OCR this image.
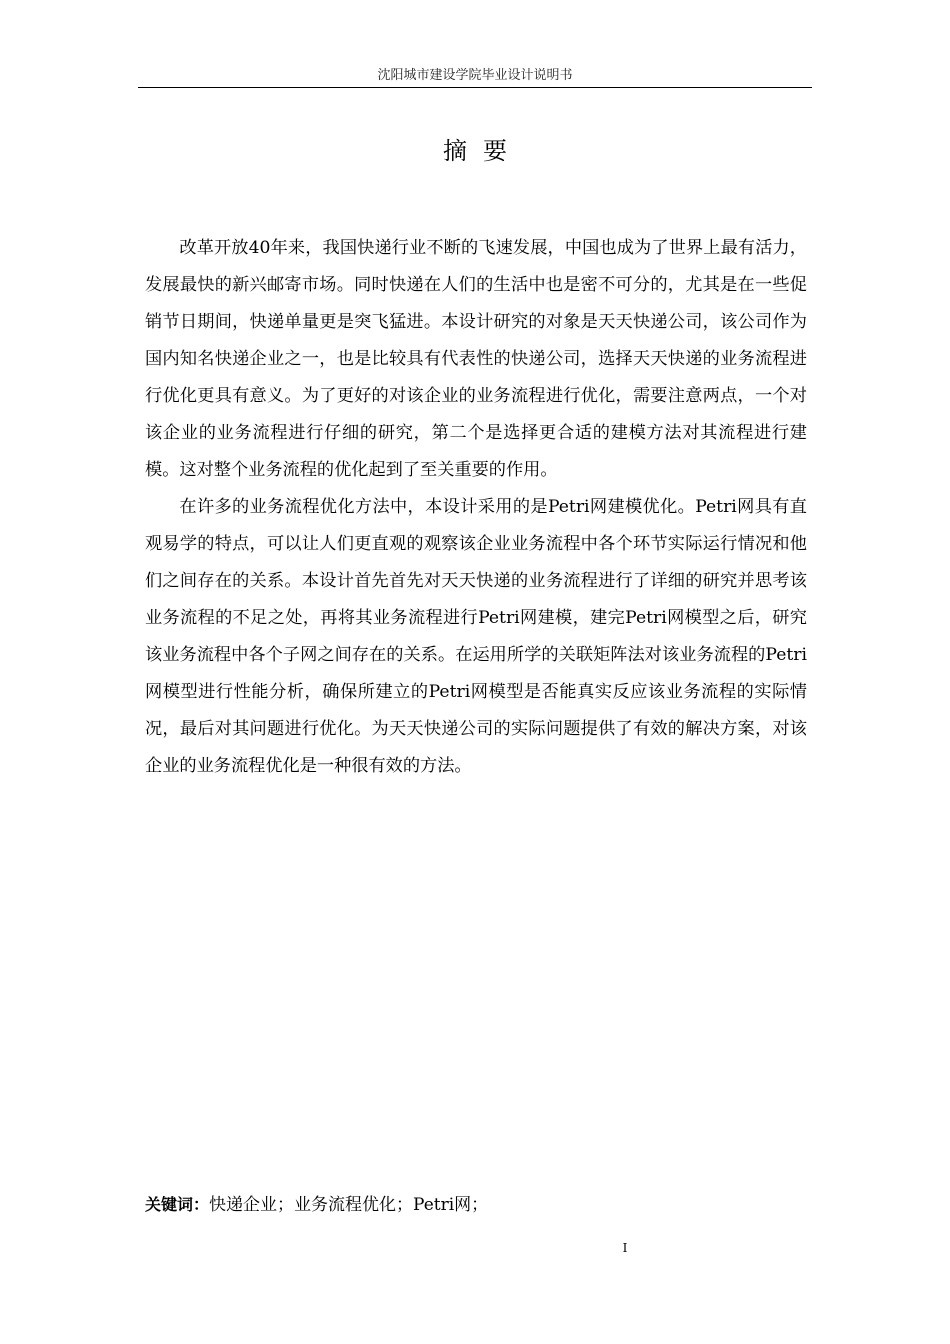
沈阳城市建设学院毕业设计说明书
摘要

改革开放40年来，我国快递行业不断的飞速发展，中国也成为了世界上最有活力，发展最快的新兴邮寄市场。同时快递在人们的生活中也是密不可分的，尤其是在一些促销节日期间，快递单量更是突飞猛进。本设计研究的对象是天天快递公司，该公司作为国内知名快递企业之一，也是比较具有代表性的快递公司，选择天天快递的业务流程进行优化更具有意义。为了更好的对该企业的业务流程进行优化，需要注意两点，一个对该企业的业务流程进行仔细的研究，第二个是选择更合适的建模方法对其流程进行建模。这对整个业务流程的优化起到了至关重要的作用。

在许多的业务流程优化方法中，本设计采用的是Petri网建模优化。Petri网具有直观易学的特点，可以让人们更直观的观察该企业业务流程中各个环节实际运行情况和他们之间存在的关系。本设计首先首先对天天快递的业务流程进行了详细的研究并思考该业务流程的不足之处，再将其业务流程进行Petri网建模，建完Petri网模型之后，研究该业务流程中各个子网之间存在的关系。在运用所学的关联矩阵法对该业务流程的Petri网模型进行性能分析，确保所建立的Petri网模型是否能真实反应该业务流程的实际情况，最后对其问题进行优化。为天天快递公司的实际问题提供了有效的解决方案，对该企业的业务流程优化是一种很有效的方法。

关键词：快递企业；业务流程优化；Petri网；
I
